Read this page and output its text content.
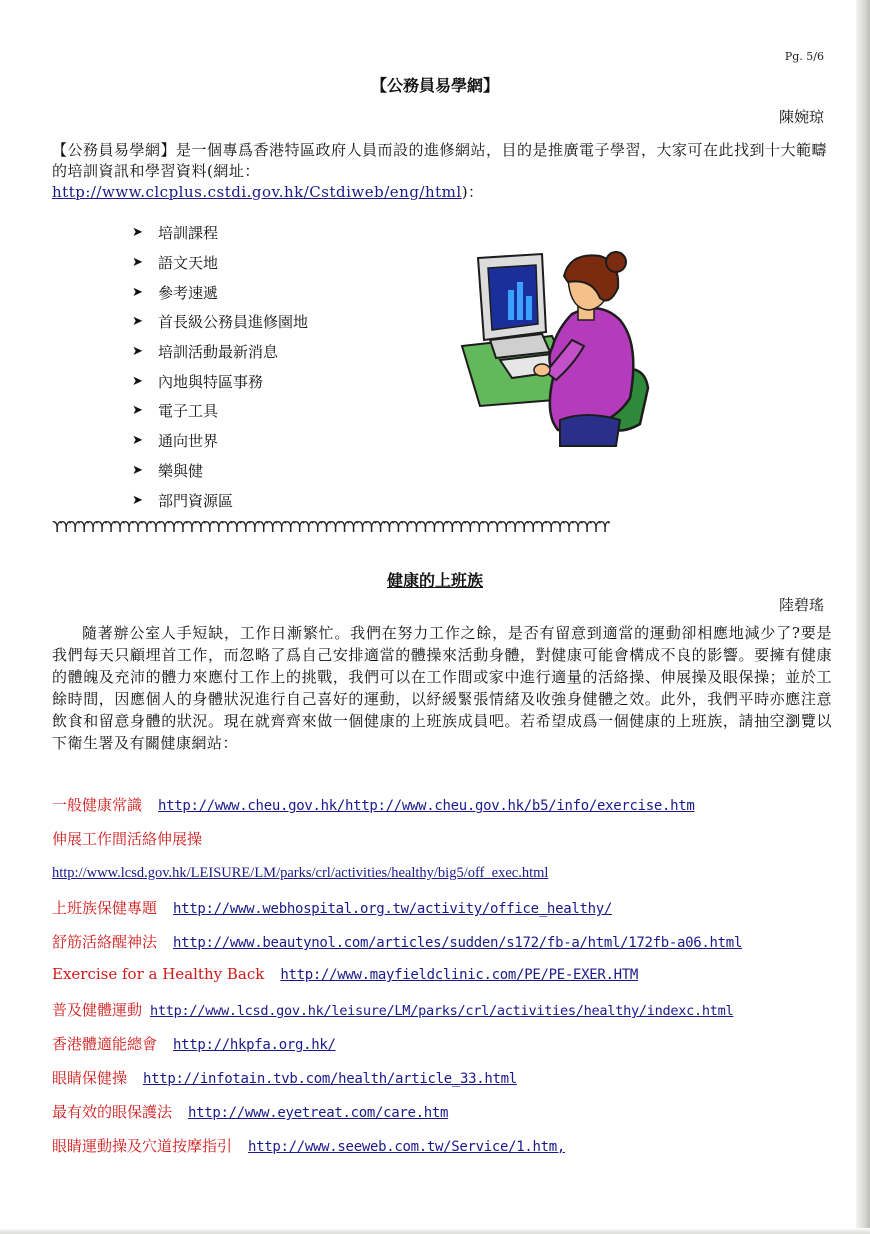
Pg. 5/6
【公務員易學網】
陳婉琼
【公務員易學網】是一個專爲香港特區政府人員而設的進修網站，目的是推廣電子學習，大家可在此找到十大範疇的培訓資訊和學習資料(網址：
http://www.clcplus.cstdi.gov.hk/Cstdiweb/eng/html)：
➤	培訓課程
➤	語文天地
➤	參考速遞
➤	首長級公務員進修園地
➤	培訓活動最新消息
➤	內地與特區事務
➤	電子工具
➤	通向世界
➤	樂與健
➤	部門資源區
ϒϒϒϒϒϒϒϒϒϒϒϒϒϒϒϒϒϒϒϒϒϒϒϒϒϒϒϒϒϒϒϒϒϒϒϒϒϒϒϒϒϒϒϒϒϒϒϒϒϒϒϒϒϒϒϒϒϒϒϒϒϒ
健康的上班族
陸碧瑤
隨著辦公室人手短缺，工作日漸繁忙。我們在努力工作之餘，是否有留意到適當的運動卻相應地減少了?要是我們每天只顧埋首工作，而忽略了爲自己安排適當的體操來活動身體，對健康可能會構成不良的影響。要擁有健康的體魄及充沛的體力來應付工作上的挑戰，我們可以在工作間或家中進行適量的活絡操、伸展操及眼保操；並於工餘時間，因應個人的身體狀況進行自己喜好的運動，以紓緩緊張情緒及收強身健體之效。此外，我們平時亦應注意飲食和留意身體的狀況。現在就齊齊來做一個健康的上班族成員吧。若希望成爲一個健康的上班族，請抽空瀏覽以下衛生署及有關健康網站：
一般健康常識 http://www.cheu.gov.hk/http://www.cheu.gov.hk/b5/info/exercise.htm
伸展工作間活絡伸展操
http://www.lcsd.gov.hk/LEISURE/LM/parks/crl/activities/healthy/big5/off_exec.html
上班族保健專題 http://www.webhospital.org.tw/activity/office_healthy/
舒筋活絡醒神法 http://www.beautynol.com/articles/sudden/s172/fb-a/html/172fb-a06.html
Exercise for a Healthy Back http://www.mayfieldclinic.com/PE/PE-EXER.HTM
普及健體運動 http://www.lcsd.gov.hk/leisure/LM/parks/crl/activities/healthy/indexc.html
香港體適能總會 http://hkpfa.org.hk/
眼睛保健操 http://infotain.tvb.com/health/article_33.html
最有效的眼保護法 http://www.eyetreat.com/care.htm
眼睛運動操及穴道按摩指引 http://www.seeweb.com.tw/Service/1.htm,
